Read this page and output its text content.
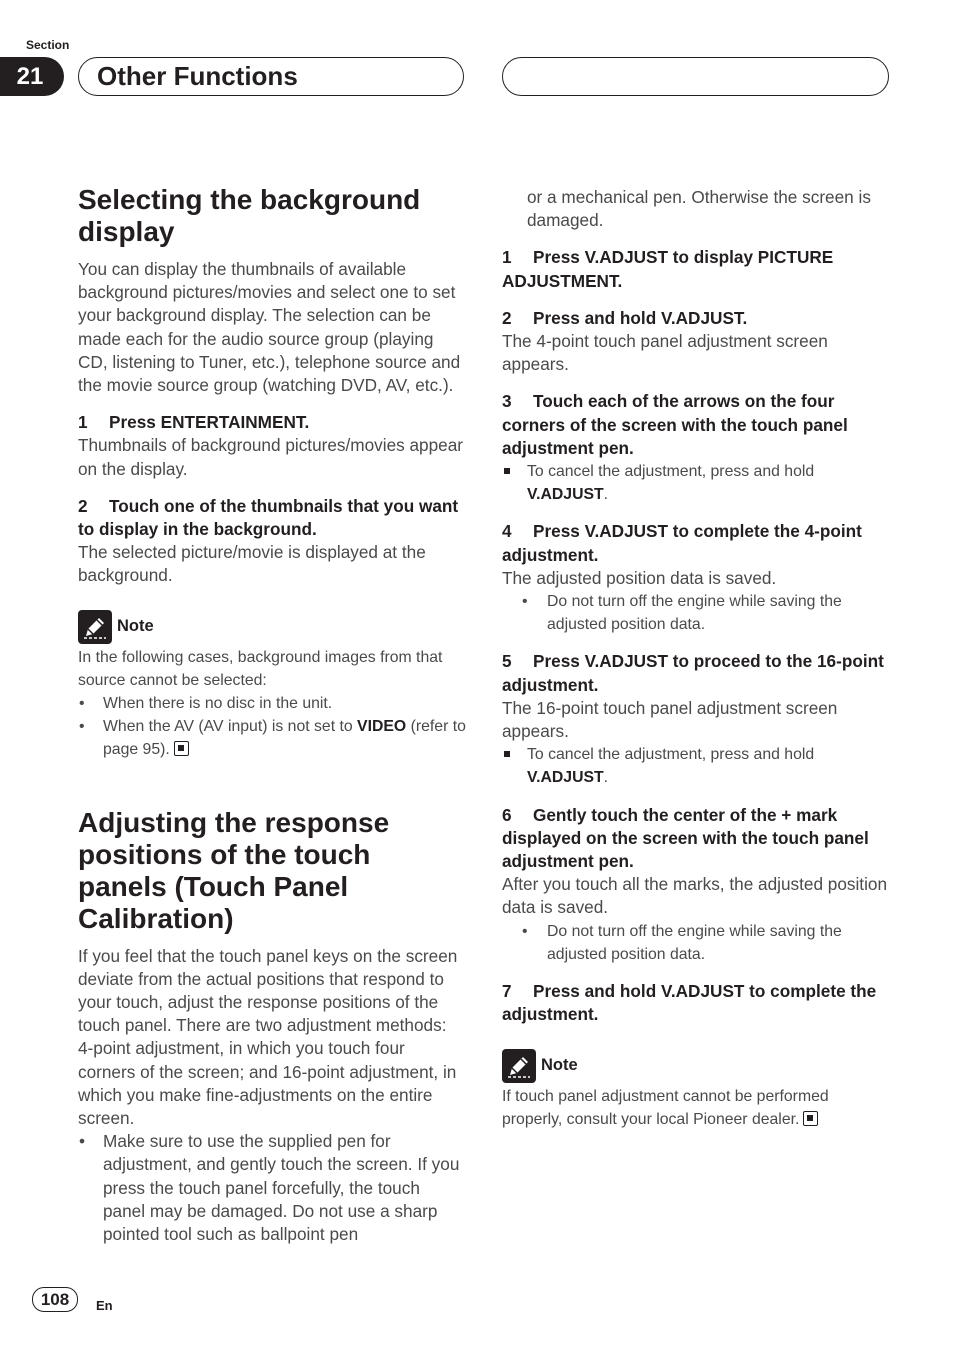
Section
21	Other Functions
Selecting the background display

You can display the thumbnails of available background pictures/movies and select one to set your background display. The selection can be made each for the audio source group (playing CD, listening to Tuner, etc.), telephone source and the movie source group (watching DVD, AV, etc.).

1 Press ENTERTAINMENT.

Thumbnails of background pictures/movies appear on the display.

2 Touch one of the thumbnails that you want to display in the background.

The selected picture/movie is displayed at the background.

Note

In the following cases, background images from that source cannot be selected:

• When there is no disc in the unit.

• When the AV (AV input) is not set to VIDEO (refer to page 95).

Adjusting the response positions of the touch panels (Touch Panel Calibration)

If you feel that the touch panel keys on the screen deviate from the actual positions that respond to your touch, adjust the response positions of the touch panel. There are two adjustment methods: 4-point adjustment, in which you touch four corners of the screen; and 16-point adjustment, in which you make fine-adjustments on the entire screen.

• Make sure to use the supplied pen for adjustment, and gently touch the screen. If you press the touch panel forcefully, the touch panel may be damaged. Do not use a sharp pointed tool such as ballpoint pen

or a mechanical pen. Otherwise the screen is damaged.

1 Press V.ADJUST to display PICTURE ADJUSTMENT.

2 Press and hold V.ADJUST.

The 4-point touch panel adjustment screen appears.

3 Touch each of the arrows on the four corners of the screen with the touch panel adjustment pen.

To cancel the adjustment, press and hold V.ADJUST.

4 Press V.ADJUST to complete the 4-point adjustment.

The adjusted position data is saved.

• Do not turn off the engine while saving the adjusted position data.

5 Press V.ADJUST to proceed to the 16-point adjustment.

The 16-point touch panel adjustment screen appears.

To cancel the adjustment, press and hold V.ADJUST.

6 Gently touch the center of the + mark displayed on the screen with the touch panel adjustment pen.

After you touch all the marks, the adjusted position data is saved.

• Do not turn off the engine while saving the adjusted position data.

7 Press and hold V.ADJUST to complete the adjustment.

Note

If touch panel adjustment cannot be performed properly, consult your local Pioneer dealer.

108	En
